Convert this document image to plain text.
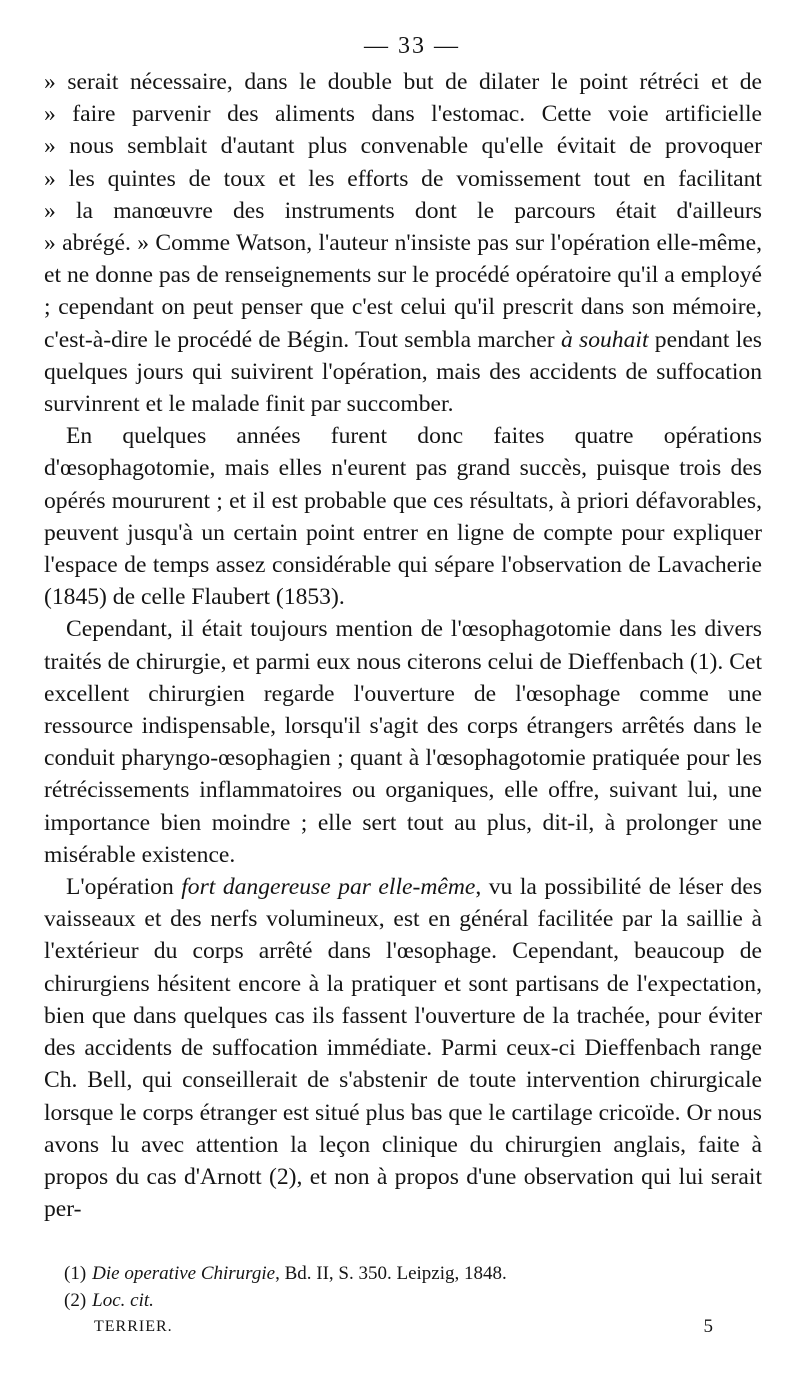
— 33 —

» serait nécessaire, dans le double but de dilater le point rétréci et de
» faire parvenir des aliments dans l'estomac. Cette voie artificielle
» nous semblait d'autant plus convenable qu'elle évitait de provoquer
» les quintes de toux et les efforts de vomissement tout en facilitant
» la manœuvre des instruments dont le parcours était d'ailleurs
» abrégé. » Comme Watson, l'auteur n'insiste pas sur l'opération elle-même, et ne donne pas de renseignements sur le procédé opératoire qu'il a employé ; cependant on peut penser que c'est celui qu'il prescrit dans son mémoire, c'est-à-dire le procédé de Bégin. Tout sembla marcher à souhait pendant les quelques jours qui suivirent l'opération, mais des accidents de suffocation survinrent et le malade finit par succomber.

En quelques années furent donc faites quatre opérations d'œsophagotomie, mais elles n'eurent pas grand succès, puisque trois des opérés moururent ; et il est probable que ces résultats, à priori défavorables, peuvent jusqu'à un certain point entrer en ligne de compte pour expliquer l'espace de temps assez considérable qui sépare l'observation de Lavacherie (1845) de celle Flaubert (1853).

Cependant, il était toujours mention de l'œsophagotomie dans les divers traités de chirurgie, et parmi eux nous citerons celui de Dieffenbach (1). Cet excellent chirurgien regarde l'ouverture de l'œsophage comme une ressource indispensable, lorsqu'il s'agit des corps étrangers arrêtés dans le conduit pharyngo-œsophagien ; quant à l'œsophagotomie pratiquée pour les rétrécissements inflammatoires ou organiques, elle offre, suivant lui, une importance bien moindre ; elle sert tout au plus, dit-il, à prolonger une misérable existence.

L'opération fort dangereuse par elle-même, vu la possibilité de léser des vaisseaux et des nerfs volumineux, est en général facilitée par la saillie à l'extérieur du corps arrêté dans l'œsophage. Cependant, beaucoup de chirurgiens hésitent encore à la pratiquer et sont partisans de l'expectation, bien que dans quelques cas ils fassent l'ouverture de la trachée, pour éviter des accidents de suffocation immédiate. Parmi ceux-ci Dieffenbach range Ch. Bell, qui conseillerait de s'abstenir de toute intervention chirurgicale lorsque le corps étranger est situé plus bas que le cartilage cricoïde. Or nous avons lu avec attention la leçon clinique du chirurgien anglais, faite à propos du cas d'Arnott (2), et non à propos d'une observation qui lui serait per-

(1) Die operative Chirurgie, Bd. II, S. 350. Leipzig, 1848.
(2) Loc. cit.
TERRIER.	5
